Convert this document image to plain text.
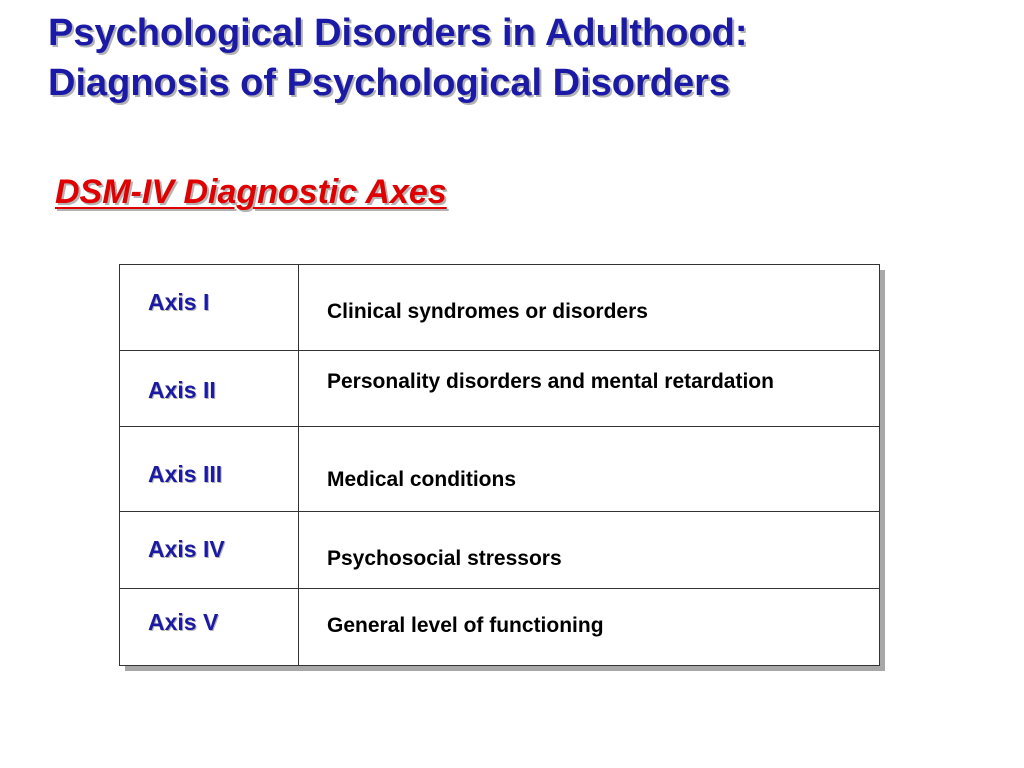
Psychological Disorders in Adulthood:
Diagnosis of Psychological Disorders
DSM-IV Diagnostic Axes
Axis I	Clinical syndromes or disorders

Axis II	Personality disorders and mental retardation

Axis III	Medical conditions

Axis IV	Psychosocial stressors

Axis V	General level of functioning
